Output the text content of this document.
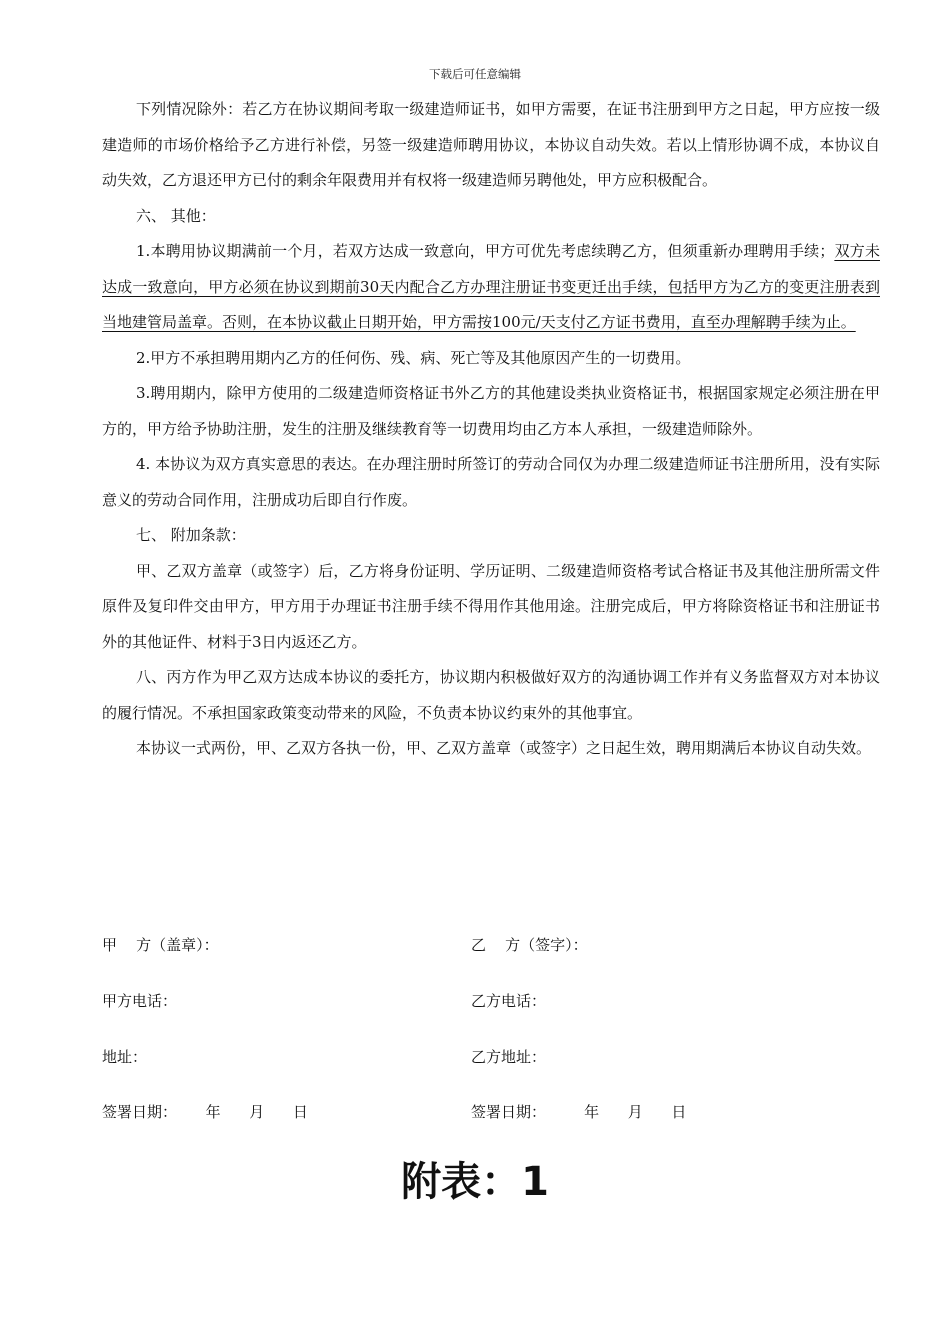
下载后可任意编辑

下列情况除外：若乙方在协议期间考取一级建造师证书，如甲方需要，在证书注册到甲方之日起，甲方应按一级建造师的市场价格给予乙方进行补偿，另签一级建造师聘用协议，本协议自动失效。若以上情形协调不成，本协议自动失效，乙方退还甲方已付的剩余年限费用并有权将一级建造师另聘他处，甲方应积极配合。

六、 其他：

1.本聘用协议期满前一个月，若双方达成一致意向，甲方可优先考虑续聘乙方，但须重新办理聘用手续；双方未达成一致意向，甲方必须在协议到期前30天内配合乙方办理注册证书变更迁出手续，包括甲方为乙方的变更注册表到当地建管局盖章。否则，在本协议截止日期开始，甲方需按100元/天支付乙方证书费用，直至办理解聘手续为止。

2.甲方不承担聘用期内乙方的任何伤、残、病、死亡等及其他原因产生的一切费用。

3.聘用期内，除甲方使用的二级建造师资格证书外乙方的其他建设类执业资格证书，根据国家规定必须注册在甲方的，甲方给予协助注册，发生的注册及继续教育等一切费用均由乙方本人承担，一级建造师除外。

4. 本协议为双方真实意思的表达。在办理注册时所签订的劳动合同仅为办理二级建造师证书注册所用，没有实际意义的劳动合同作用，注册成功后即自行作废。

七、 附加条款：

甲、乙双方盖章（或签字）后，乙方将身份证明、学历证明、二级建造师资格考试合格证书及其他注册所需文件原件及复印件交由甲方，甲方用于办理证书注册手续不得用作其他用途。注册完成后，甲方将除资格证书和注册证书外的其他证件、材料于3日内返还乙方。

八、丙方作为甲乙双方达成本协议的委托方，协议期内积极做好双方的沟通协调工作并有义务监督双方对本协议的履行情况。不承担国家政策变动带来的风险，不负责本协议约束外的其他事宜。

本协议一式两份，甲、乙双方各执一份，甲、乙双方盖章（或签字）之日起生效，聘用期满后本协议自动失效。

甲    方（盖章）：	乙    方（签字）：
甲方电话：	乙方电话：
地址：	乙方地址：
签署日期：      年      月      日	签署日期：        年      月      日
附表：1
